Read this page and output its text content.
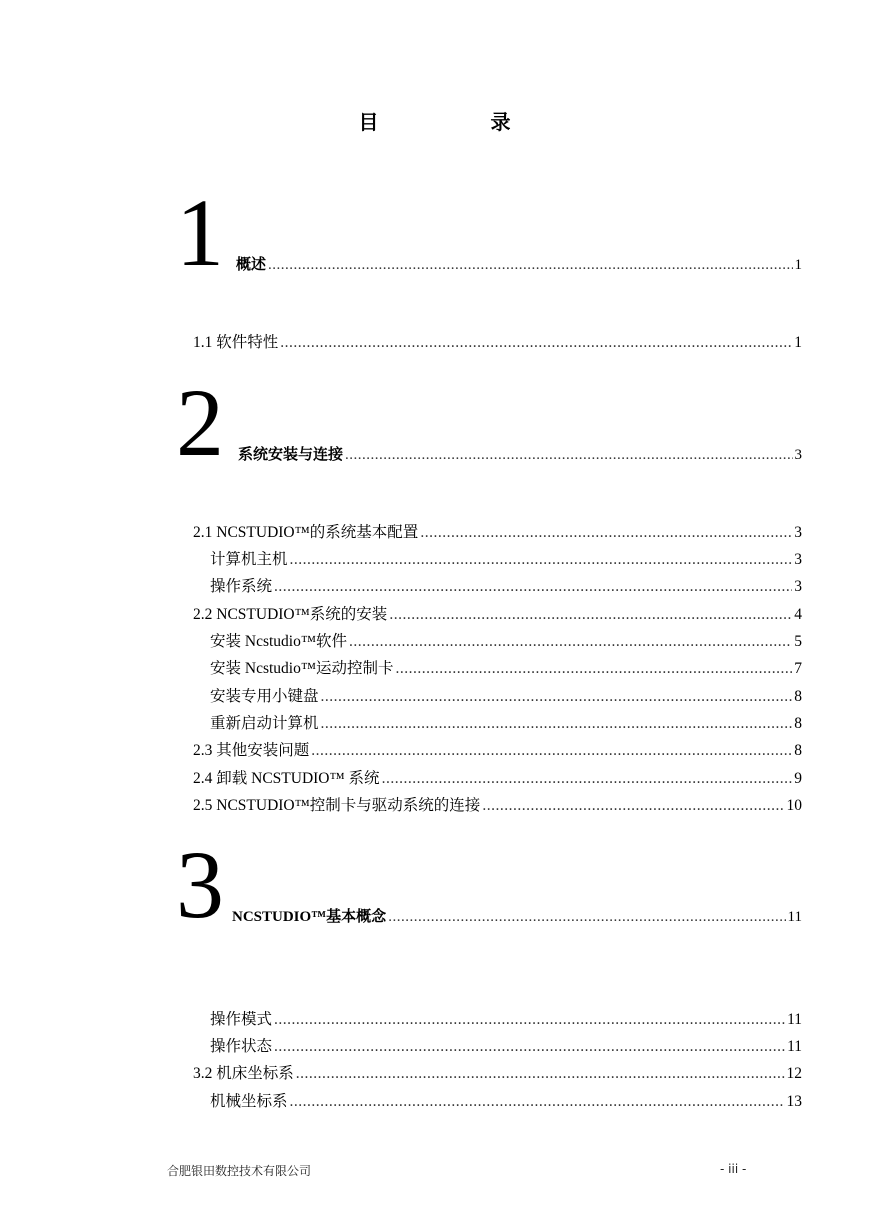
目　录
1 概述 .....	1
1.1 软件特性 .....	1
2 系统安装与连接 .....	3
2.1 NCSTUDIO™的系统基本配置 .....	3
计算机主机 .....	3
操作系统 .....	3
2.2 NCSTUDIO™系统的安装 .....	4
安装 Ncstudio™软件 .....	5
安装 Ncstudio™运动控制卡 .....	7
安装专用小键盘 .....	8
重新启动计算机 .....	8
2.3 其他安装问题 .....	8
2.4 卸载 NCSTUDIO™ 系统 .....	9
2.5 NCSTUDIO™控制卡与驱动系统的连接 .....	10
3 NCSTUDIO™基本概念 .....	11
操作模式 .....	11
操作状态 .....	11
3.2 机床坐标系 .....	12
机械坐标系 .....	13
合肥银田数控技术有限公司	- iii -
